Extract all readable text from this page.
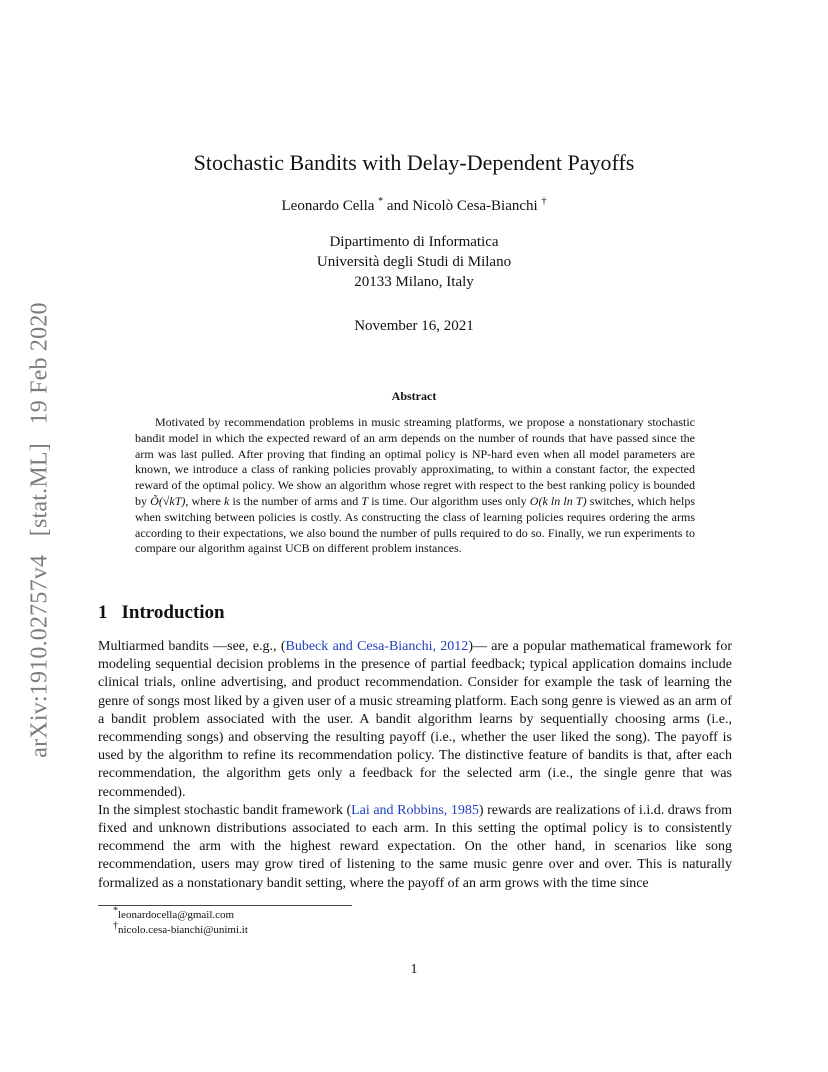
arXiv:1910.02757v4   [stat.ML]   19 Feb 2020
Stochastic Bandits with Delay-Dependent Payoffs
Leonardo Cella * and Nicolò Cesa-Bianchi †
Dipartimento di Informatica
Università degli Studi di Milano
20133 Milano, Italy
November 16, 2021
Abstract
Motivated by recommendation problems in music streaming platforms, we propose a nonstationary stochastic bandit model in which the expected reward of an arm depends on the number of rounds that have passed since the arm was last pulled. After proving that finding an optimal policy is NP-hard even when all model parameters are known, we introduce a class of ranking policies provably approximating, to within a constant factor, the expected reward of the optimal policy. We show an algorithm whose regret with respect to the best ranking policy is bounded by Õ(√kT), where k is the number of arms and T is time. Our algorithm uses only O(k ln ln T) switches, which helps when switching between policies is costly. As constructing the class of learning policies requires ordering the arms according to their expectations, we also bound the number of pulls required to do so. Finally, we run experiments to compare our algorithm against UCB on different problem instances.
1 Introduction

Multiarmed bandits —see, e.g., (Bubeck and Cesa-Bianchi, 2012)— are a popular mathematical framework for modeling sequential decision problems in the presence of partial feedback; typical application domains include clinical trials, online advertising, and product recommendation. Consider for example the task of learning the genre of songs most liked by a given user of a music streaming platform. Each song genre is viewed as an arm of a bandit problem associated with the user. A bandit algorithm learns by sequentially choosing arms (i.e., recommending songs) and observing the resulting payoff (i.e., whether the user liked the song). The payoff is used by the algorithm to refine its recommendation policy. The distinctive feature of bandits is that, after each recommendation, the algorithm gets only a feedback for the selected arm (i.e., the single genre that was recommended).

In the simplest stochastic bandit framework (Lai and Robbins, 1985) rewards are realizations of i.i.d. draws from fixed and unknown distributions associated to each arm. In this setting the optimal policy is to consistently recommend the arm with the highest reward expectation. On the other hand, in scenarios like song recommendation, users may grow tired of listening to the same music genre over and over. This is naturally formalized as a nonstationary bandit setting, where the payoff of an arm grows with the time since

*leonardocella@gmail.com
†nicolo.cesa-bianchi@unimi.it
1
